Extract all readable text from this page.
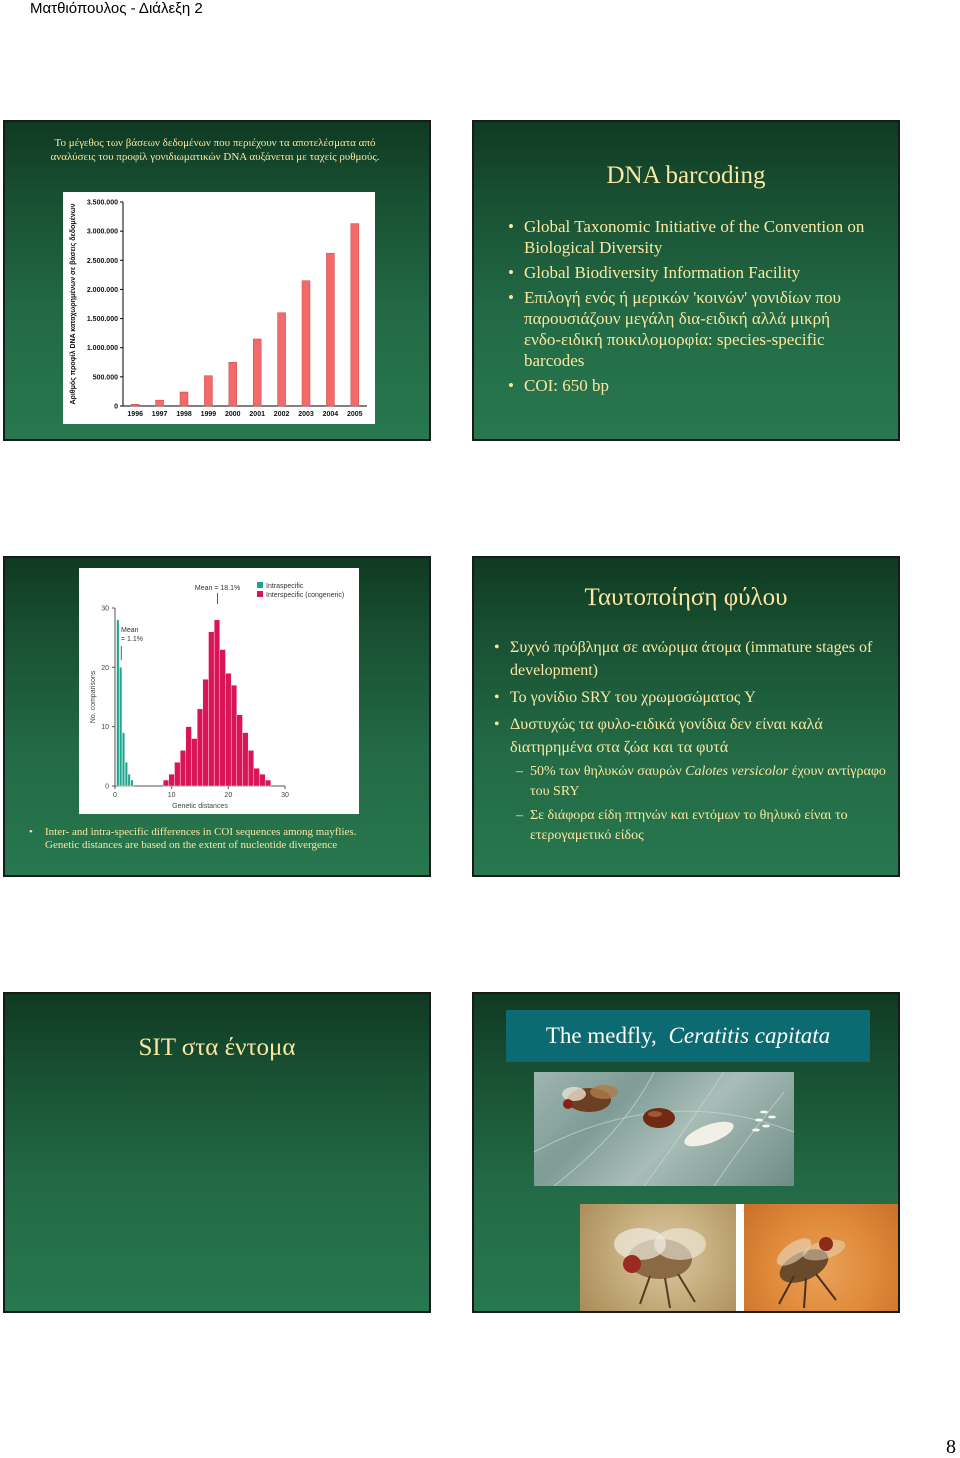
Ματθιόπουλος - Διάλεξη 2
Το μέγεθος των βάσεων δεδομένων που περιέχουν τα αποτελέσματα από αναλύσεις του προφίλ γονιδιωματικών DNA αυξάνεται με ταχείς ρυθμούς.
0
500.000
1.000.000
1.500.000
2.000.000
2.500.000
3.000.000
3.500.000
1996 1997 1998 1999 2000 2001 2002 2003 2004 2005
Αριθμός προφίλ DNA καταχωρημένων σε βάσεις δεδομένων
DNA barcoding
• Global Taxonomic Initiative of the Convention on Biological Diversity
• Global Biodiversity Information Facility
• Επιλογή ενός ή μερικών 'κοινών' γονιδίων που παρουσιάζουν μεγάλη δια-ειδική αλλά μικρή ενδο-ειδική ποικιλομορφία: species-specific barcodes
• COI: 650 bp
0
10
20
30
0	10	20	30
Genetic distances
No. comparisons
Intraspecific
Interspecific (congeneric)
Mean = 18.1%
Mean
= 1.1%
• Inter- and intra-specific differences in COI sequences among mayflies. Genetic distances are based on the extent of nucleotide divergence
Ταυτοποίηση φύλου
• Συχνό πρόβλημα σε ανώριμα άτομα (immature stages of development)
• Το γονίδιο SRY του χρωμοσώματος Y
• Δυστυχώς τα φυλο-ειδικά γονίδια δεν είναι καλά διατηρημένα στα ζώα και τα φυτά
– 50% των θηλυκών σαυρών Calotes versicolor έχουν αντίγραφο του SRY
– Σε διάφορα είδη πτηνών και εντόμων το θηλυκό είναι το ετερογαμετικό είδος
SIT στα έντομα	The medfly, Ceratitis capitata
8
